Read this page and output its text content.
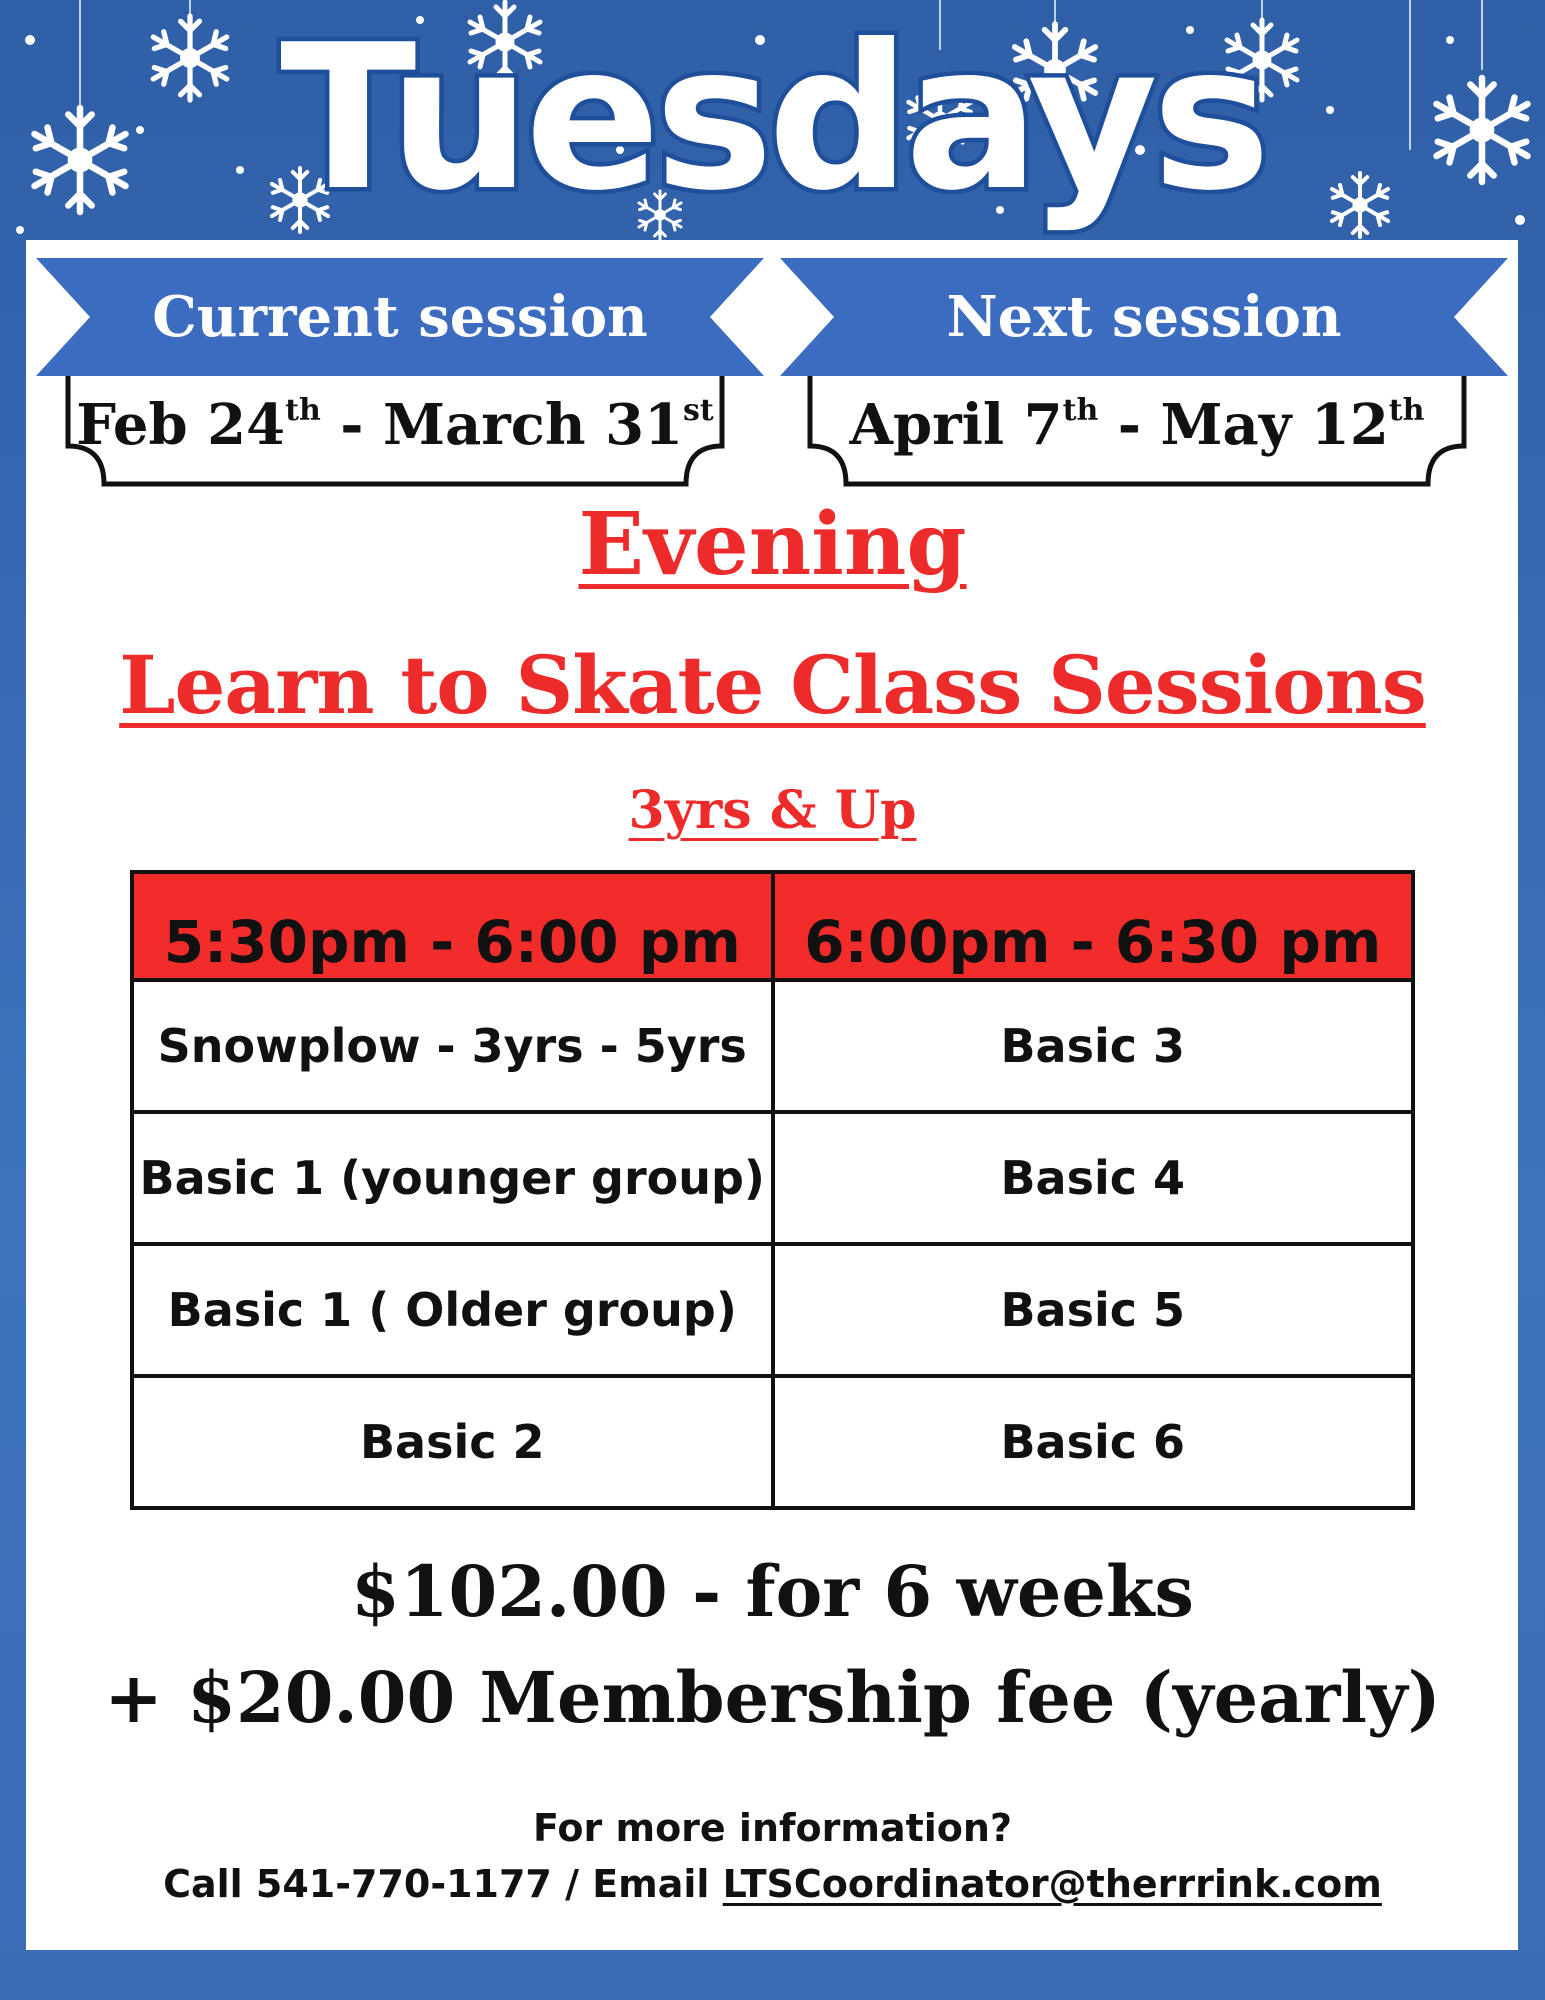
Tuesdays
Current session	Next session
Feb 24th - March 31st	April 7th - May 12th
Evening
Learn to Skate Class Sessions
3yrs & Up
5:30pm - 6:00 pm	6:00pm - 6:30 pm
Snowplow - 3yrs - 5yrs	Basic 3
Basic 1 (younger group)	Basic 4
Basic 1 ( Older group)	Basic 5
Basic 2	Basic 6
$102.00 - for 6 weeks
+ $20.00 Membership fee (yearly)
For more information?
Call 541-770-1177 / Email LTSCoordinator@therrrink.com
